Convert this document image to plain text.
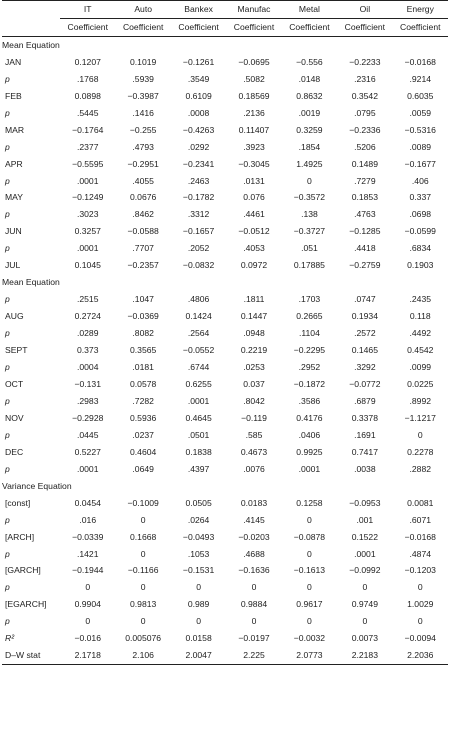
	IT	Auto	Bankex	Manufac	Metal	Oil	Energy
	Coefficient	Coefficient	Coefficient	Coefficient	Coefficient	Coefficient	Coefficient
Mean Equation							
JAN	0.1207	0.1019	−0.1261	−0.0695	−0.556	−0.2233	−0.0168
p	.1768	.5939	.3549	.5082	.0148	.2316	.9214
FEB	0.0898	−0.3987	0.6109	0.18569	0.8632	0.3542	0.6035
p	.5445	.1416	.0008	.2136	.0019	.0795	.0059
MAR	−0.1764	−0.255	−0.4263	0.11407	0.3259	−0.2336	−0.5316
p	.2377	.4793	.0292	.3923	.1854	.5206	.0089
APR	−0.5595	−0.2951	−0.2341	−0.3045	1.4925	0.1489	−0.1677
p	.0001	.4055	.2463	.0131	0	.7279	.406
MAY	−0.1249	0.0676	−0.1782	0.076	−0.3572	0.1853	0.337
p	.3023	.8462	.3312	.4461	.138	.4763	.0698
JUN	0.3257	−0.0588	−0.1657	−0.0512	−0.3727	−0.1285	−0.0599
p	.0001	.7707	.2052	.4053	.051	.4418	.6834
JUL	0.1045	−0.2357	−0.0832	0.0972	0.17885	−0.2759	0.1903
Mean Equation							
p	.2515	.1047	.4806	.1811	.1703	.0747	.2435
AUG	0.2724	−0.0369	0.1424	0.1447	0.2665	0.1934	0.118
p	.0289	.8082	.2564	.0948	.1104	.2572	.4492
SEPT	0.373	0.3565	−0.0552	0.2219	−0.2295	0.1465	0.4542
p	.0004	.0181	.6744	.0253	.2952	.3292	.0099
OCT	−0.131	0.0578	0.6255	0.037	−0.1872	−0.0772	0.0225
p	.2983	.7282	.0001	.8042	.3586	.6879	.8992
NOV	−0.2928	0.5936	0.4645	−0.119	0.4176	0.3378	−1.1217
p	.0445	.0237	.0501	.585	.0406	.1691	0
DEC	0.5227	0.4604	0.1838	0.4673	0.9925	0.7417	0.2278
p	.0001	.0649	.4397	.0076	.0001	.0038	.2882
Variance Equation							
[const]	0.0454	−0.1009	0.0505	0.0183	0.1258	−0.0953	0.0081
p	.016	0	.0264	.4145	0	.001	.6071
[ARCH]	−0.0339	0.1668	−0.0493	−0.0203	−0.0878	0.1522	−0.0168
p	.1421	0	.1053	.4688	0	.0001	.4874
[GARCH]	−0.1944	−0.1166	−0.1531	−0.1636	−0.1613	−0.0992	−0.1203
p	0	0	0	0	0	0	0
[EGARCH]	0.9904	0.9813	0.989	0.9884	0.9617	0.9749	1.0029
p	0	0	0	0	0	0	0
R²	−0.016	0.005076	0.0158	−0.0197	−0.0032	0.0073	−0.0094
D–W stat	2.1718	2.106	2.0047	2.225	2.0773	2.2183	2.2036
